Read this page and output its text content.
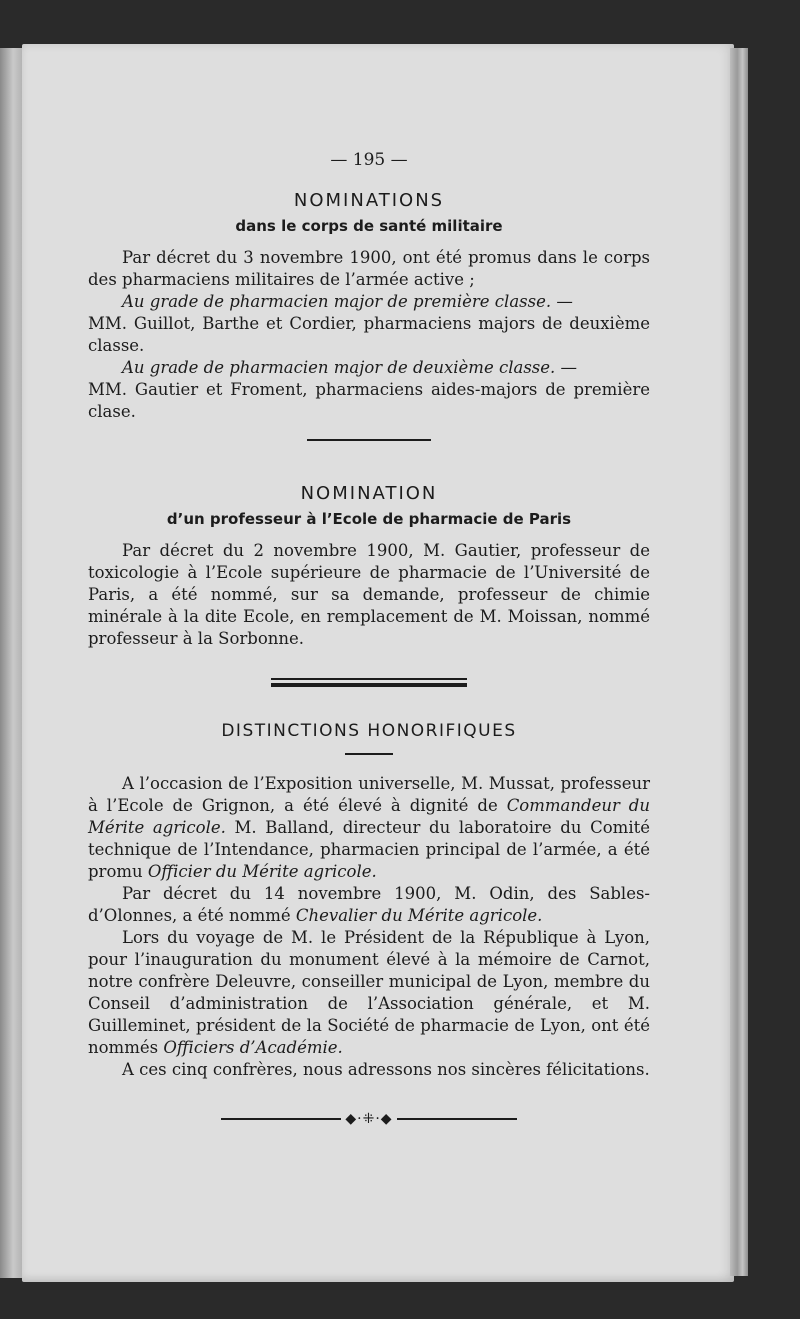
— 195 —
NOMINATIONS
dans le corps de santé militaire

Par décret du 3 novembre 1900, ont été promus dans le corps des pharmaciens militaires de l’armée active ;

Au grade de pharmacien major de première classe. —

MM. Guillot, Barthe et Cordier, pharmaciens majors de deuxième classe.

Au grade de pharmacien major de deuxième classe. —

MM. Gautier et Froment, pharmaciens aides-majors de première clase.

NOMINATION
d’un professeur à l’Ecole de pharmacie de Paris

Par décret du 2 novembre 1900, M. Gautier, professeur de toxicologie à l’Ecole supérieure de pharmacie de l’Université de Paris, a été nommé, sur sa demande, professeur de chimie minérale à la dite Ecole, en remplacement de M. Moissan, nommé professeur à la Sorbonne.

DISTINCTIONS HONORIFIQUES

A l’occasion de l’Exposition universelle, M. Mussat, professeur à l’Ecole de Grignon, a été élevé à dignité de Commandeur du Mérite agricole. M. Balland, directeur du laboratoire du Comité technique de l’Intendance, pharmacien principal de l’armée, a été promu Officier du Mérite agricole.

Par décret du 14 novembre 1900, M. Odin, des Sables-d’Olonnes, a été nommé Chevalier du Mérite agricole.

Lors du voyage de M. le Président de la République à Lyon, pour l’inauguration du monument élevé à la mémoire de Carnot, notre confrère Deleuvre, conseiller municipal de Lyon, membre du Conseil d’administration de l’Association générale, et M. Guilleminet, président de la Société de pharmacie de Lyon, ont été nommés Officiers d’Académie.

A ces cinq confrères, nous adressons nos sincères félicitations.

◆·⁜·◆
